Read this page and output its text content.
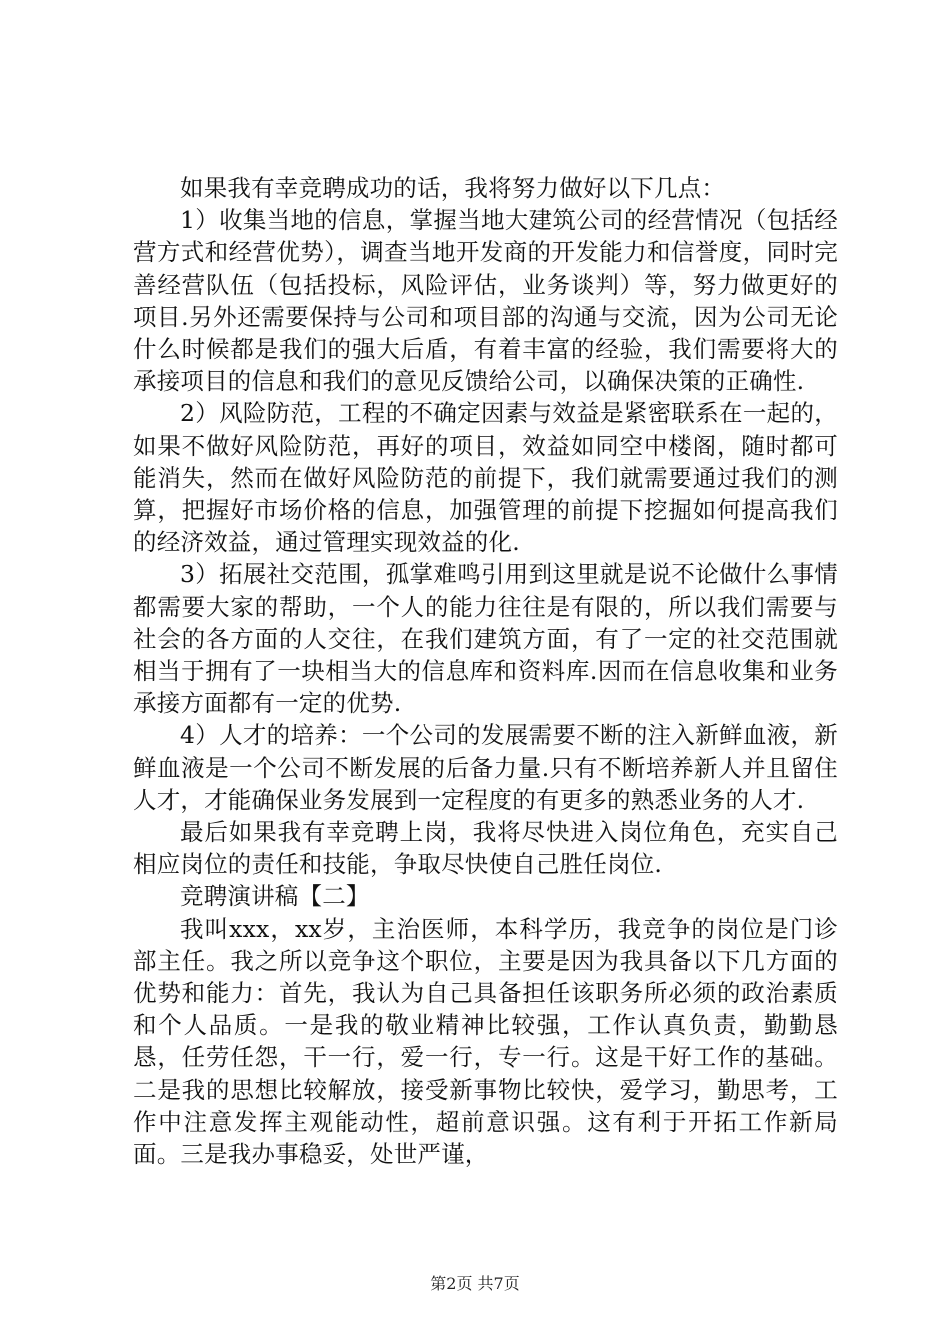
如果我有幸竞聘成功的话，我将努力做好以下几点：

1）收集当地的信息，掌握当地大建筑公司的经营情况（包括经营方式和经营优势），调查当地开发商的开发能力和信誉度，同时完善经营队伍（包括投标，风险评估，业务谈判）等，努力做更好的项目.另外还需要保持与公司和项目部的沟通与交流，因为公司无论什么时候都是我们的强大后盾，有着丰富的经验，我们需要将大的承接项目的信息和我们的意见反馈给公司，以确保决策的正确性.

2）风险防范，工程的不确定因素与效益是紧密联系在一起的，如果不做好风险防范，再好的项目，效益如同空中楼阁，随时都可能消失，然而在做好风险防范的前提下，我们就需要通过我们的测算，把握好市场价格的信息，加强管理的前提下挖掘如何提高我们的经济效益，通过管理实现效益的化.

3）拓展社交范围，孤掌难鸣引用到这里就是说不论做什么事情都需要大家的帮助，一个人的能力往往是有限的，所以我们需要与社会的各方面的人交往，在我们建筑方面，有了一定的社交范围就相当于拥有了一块相当大的信息库和资料库.因而在信息收集和业务承接方面都有一定的优势.

4）人才的培养：一个公司的发展需要不断的注入新鲜血液，新鲜血液是一个公司不断发展的后备力量.只有不断培养新人并且留住人才，才能确保业务发展到一定程度的有更多的熟悉业务的人才.

最后如果我有幸竞聘上岗，我将尽快进入岗位角色，充实自己相应岗位的责任和技能，争取尽快使自己胜任岗位.

竞聘演讲稿【二】

我叫xxx，xx岁，主治医师，本科学历，我竞争的岗位是门诊部主任。我之所以竞争这个职位，主要是因为我具备以下几方面的优势和能力：首先，我认为自己具备担任该职务所必须的政治素质和个人品质。一是我的敬业精神比较强，工作认真负责，勤勤恳恳，任劳任怨，干一行，爱一行，专一行。这是干好工作的基础。二是我的思想比较解放，接受新事物比较快，爱学习，勤思考，工作中注意发挥主观能动性，超前意识强。这有利于开拓工作新局面。三是我办事稳妥，处世严谨，

第2页 共7页
